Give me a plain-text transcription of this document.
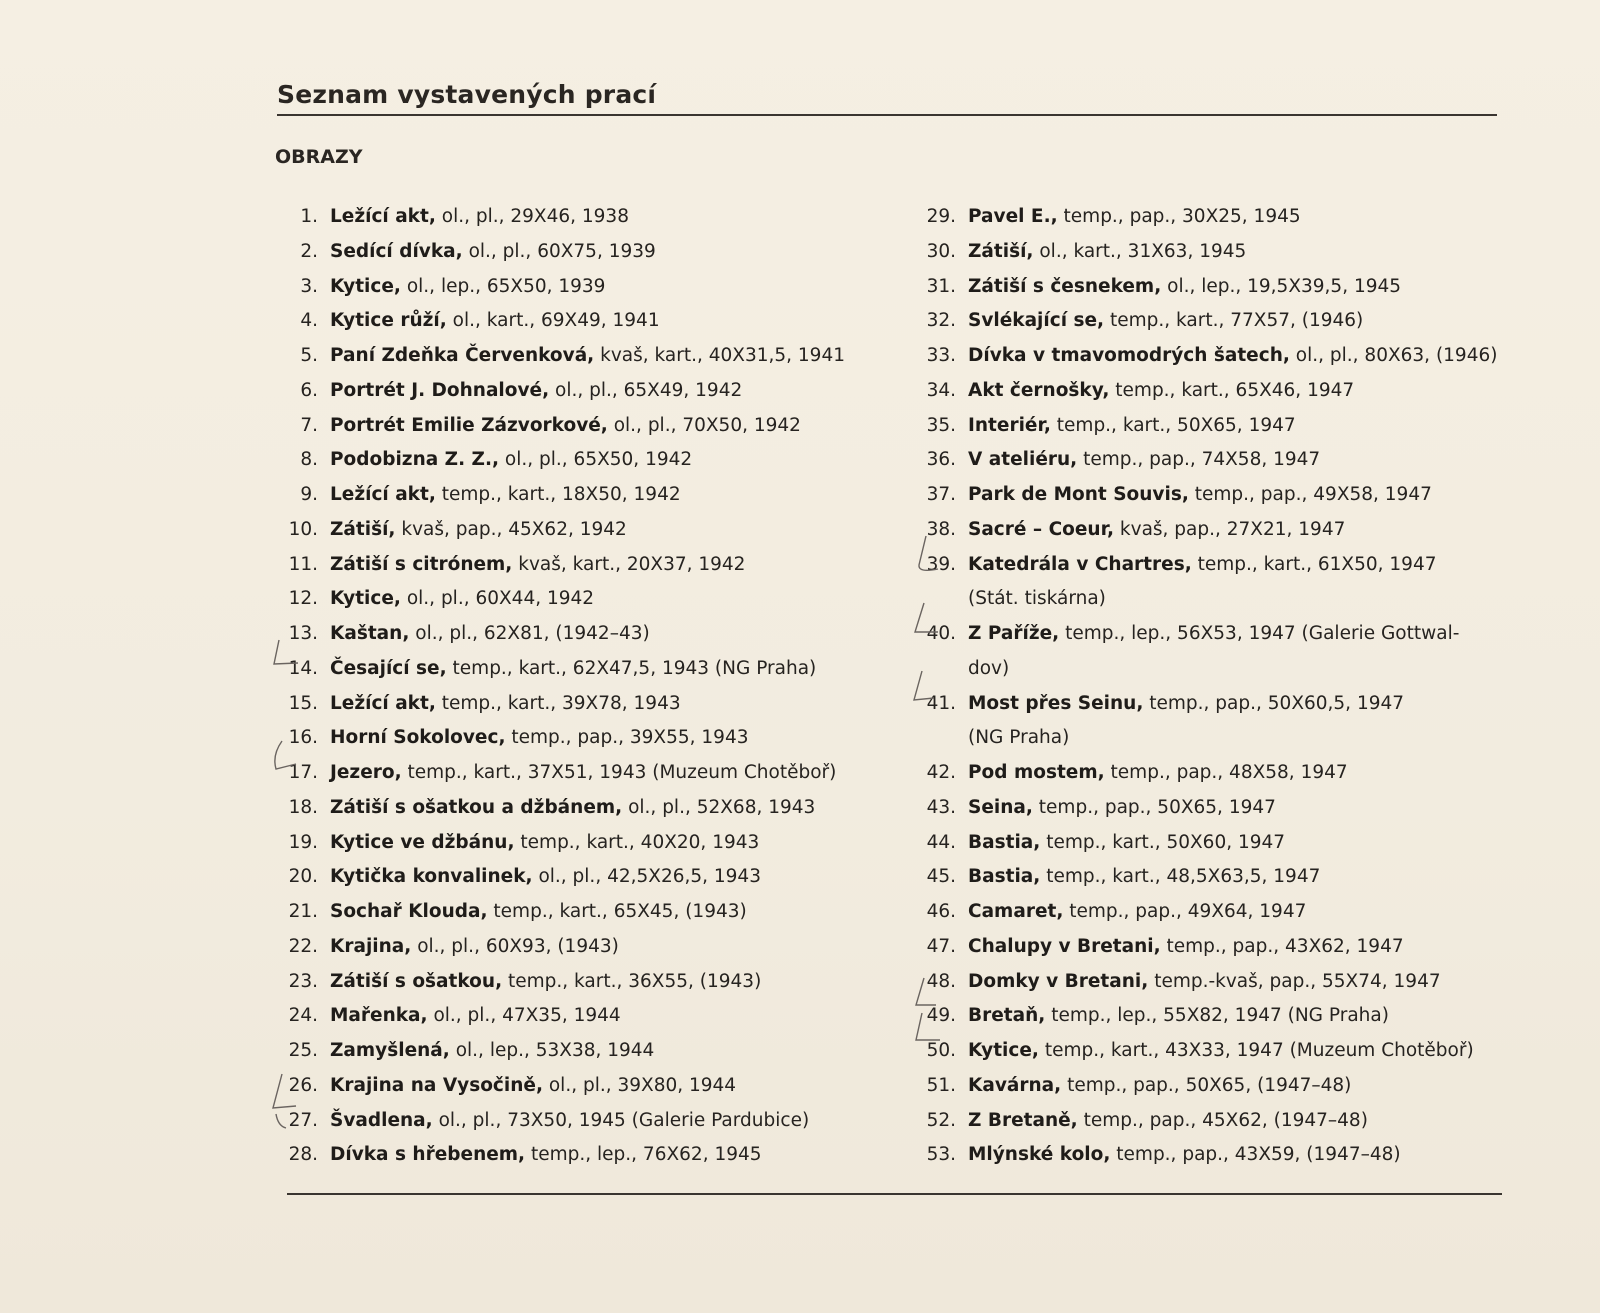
Seznam vystavených prací
OBRAZY
1. Ležící akt, ol., pl., 29X46, 1938
2. Sedící dívka, ol., pl., 60X75, 1939
3. Kytice, ol., lep., 65X50, 1939
4. Kytice růží, ol., kart., 69X49, 1941
5. Paní Zdeňka Červenková, kvaš, kart., 40X31,5, 1941
6. Portrét J. Dohnalové, ol., pl., 65X49, 1942
7. Portrét Emilie Zázvorkové, ol., pl., 70X50, 1942
8. Podobizna Z. Z., ol., pl., 65X50, 1942
9. Ležící akt, temp., kart., 18X50, 1942
10. Zátiší, kvaš, pap., 45X62, 1942
11. Zátiší s citrónem, kvaš, kart., 20X37, 1942
12. Kytice, ol., pl., 60X44, 1942
13. Kaštan, ol., pl., 62X81, (1942–43)
14. Česající se, temp., kart., 62X47,5, 1943 (NG Praha)
15. Ležící akt, temp., kart., 39X78, 1943
16. Horní Sokolovec, temp., pap., 39X55, 1943
17. Jezero, temp., kart., 37X51, 1943 (Muzeum Chotěboř)
18. Zátiší s ošatkou a džbánem, ol., pl., 52X68, 1943
19. Kytice ve džbánu, temp., kart., 40X20, 1943
20. Kytička konvalinek, ol., pl., 42,5X26,5, 1943
21. Sochař Klouda, temp., kart., 65X45, (1943)
22. Krajina, ol., pl., 60X93, (1943)
23. Zátiší s ošatkou, temp., kart., 36X55, (1943)
24. Mařenka, ol., pl., 47X35, 1944
25. Zamyšlená, ol., lep., 53X38, 1944
26. Krajina na Vysočině, ol., pl., 39X80, 1944
27. Švadlena, ol., pl., 73X50, 1945 (Galerie Pardubice)
28. Dívka s hřebenem, temp., lep., 76X62, 1945
29. Pavel E., temp., pap., 30X25, 1945
30. Zátiší, ol., kart., 31X63, 1945
31. Zátiší s česnekem, ol., lep., 19,5X39,5, 1945
32. Svlékající se, temp., kart., 77X57, (1946)
33. Dívka v tmavomodrých šatech, ol., pl., 80X63, (1946)
34. Akt černošky, temp., kart., 65X46, 1947
35. Interiér, temp., kart., 50X65, 1947
36. V ateliéru, temp., pap., 74X58, 1947
37. Park de Mont Souvis, temp., pap., 49X58, 1947
38. Sacré – Coeur, kvaš, pap., 27X21, 1947
39. Katedrála v Chartres, temp., kart., 61X50, 1947
(Stát. tiskárna)
40. Z Paříže, temp., lep., 56X53, 1947 (Galerie Gottwal-
dov)
41. Most přes Seinu, temp., pap., 50X60,5, 1947
(NG Praha)
42. Pod mostem, temp., pap., 48X58, 1947
43. Seina, temp., pap., 50X65, 1947
44. Bastia, temp., kart., 50X60, 1947
45. Bastia, temp., kart., 48,5X63,5, 1947
46. Camaret, temp., pap., 49X64, 1947
47. Chalupy v Bretani, temp., pap., 43X62, 1947
48. Domky v Bretani, temp.-kvaš, pap., 55X74, 1947
49. Bretaň, temp., lep., 55X82, 1947 (NG Praha)
50. Kytice, temp., kart., 43X33, 1947 (Muzeum Chotěboř)
51. Kavárna, temp., pap., 50X65, (1947–48)
52. Z Bretaně, temp., pap., 45X62, (1947–48)
53. Mlýnské kolo, temp., pap., 43X59, (1947–48)
